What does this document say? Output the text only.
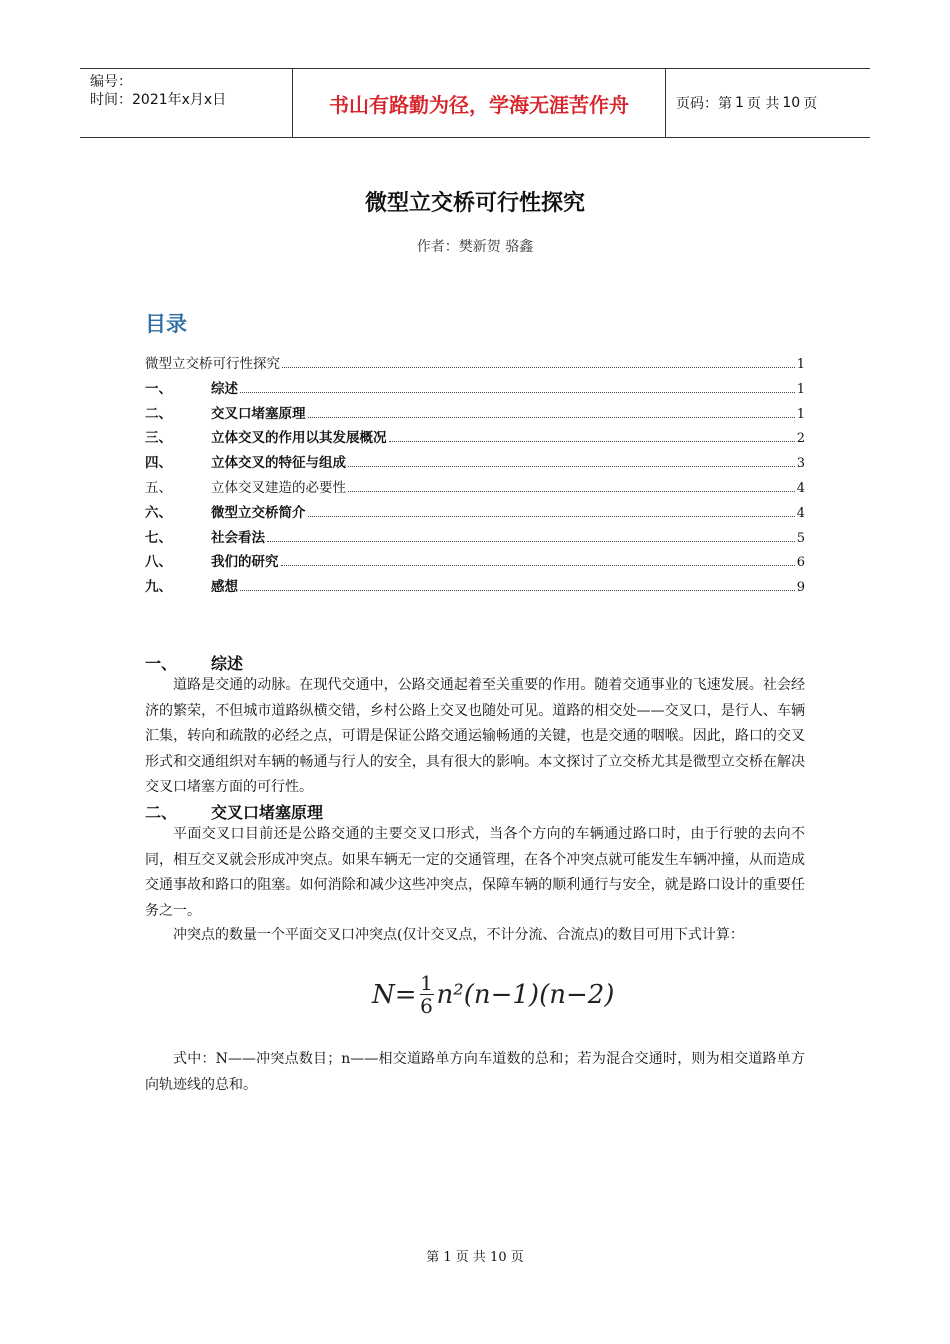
编号：
时间：2021年x月x日	书山有路勤为径，学海无涯苦作舟	页码：第 1 页 共 10 页
微型立交桥可行性探究
作者：樊新贺 骆鑫
目录
微型立交桥可行性探究	1
一、	综述	1
二、	交叉口堵塞原理	1
三、	立体交叉的作用以其发展概况	2
四、	立体交叉的特征与组成	3
五、	立体交叉建造的必要性	4
六、	微型立交桥简介	4
七、	社会看法	5
八、	我们的研究	6
九、	感想	9
一、	综述
道路是交通的动脉。在现代交通中，公路交通起着至关重要的作用。随着交通事业的飞速发展。社会经济的繁荣，不但城市道路纵横交错，乡村公路上交叉也随处可见。道路的相交处——交叉口，是行人、车辆汇集，转向和疏散的必经之点，可谓是保证公路交通运输畅通的关键，也是交通的咽喉。因此，路口的交叉形式和交通组织对车辆的畅通与行人的安全，具有很大的影响。本文探讨了立交桥尤其是微型立交桥在解决交叉口堵塞方面的可行性。
二、	交叉口堵塞原理
平面交叉口目前还是公路交通的主要交叉口形式，当各个方向的车辆通过路口时，由于行驶的去向不同，相互交叉就会形成冲突点。如果车辆无一定的交通管理，在各个冲突点就可能发生车辆冲撞，从而造成交通事故和路口的阻塞。如何消除和减少这些冲突点，保障车辆的顺利通行与安全，就是路口设计的重要任务之一。
冲突点的数量一个平面交叉口冲突点(仅计交叉点，不计分流、合流点)的数目可用下式计算：
$N= \frac{1}{6} n^2(n-1)(n-2)$
式中：N——冲突点数目；n——相交道路单方向车道数的总和；若为混合交通时，则为相交道路单方向轨迹线的总和。
第 1 页 共 10 页
